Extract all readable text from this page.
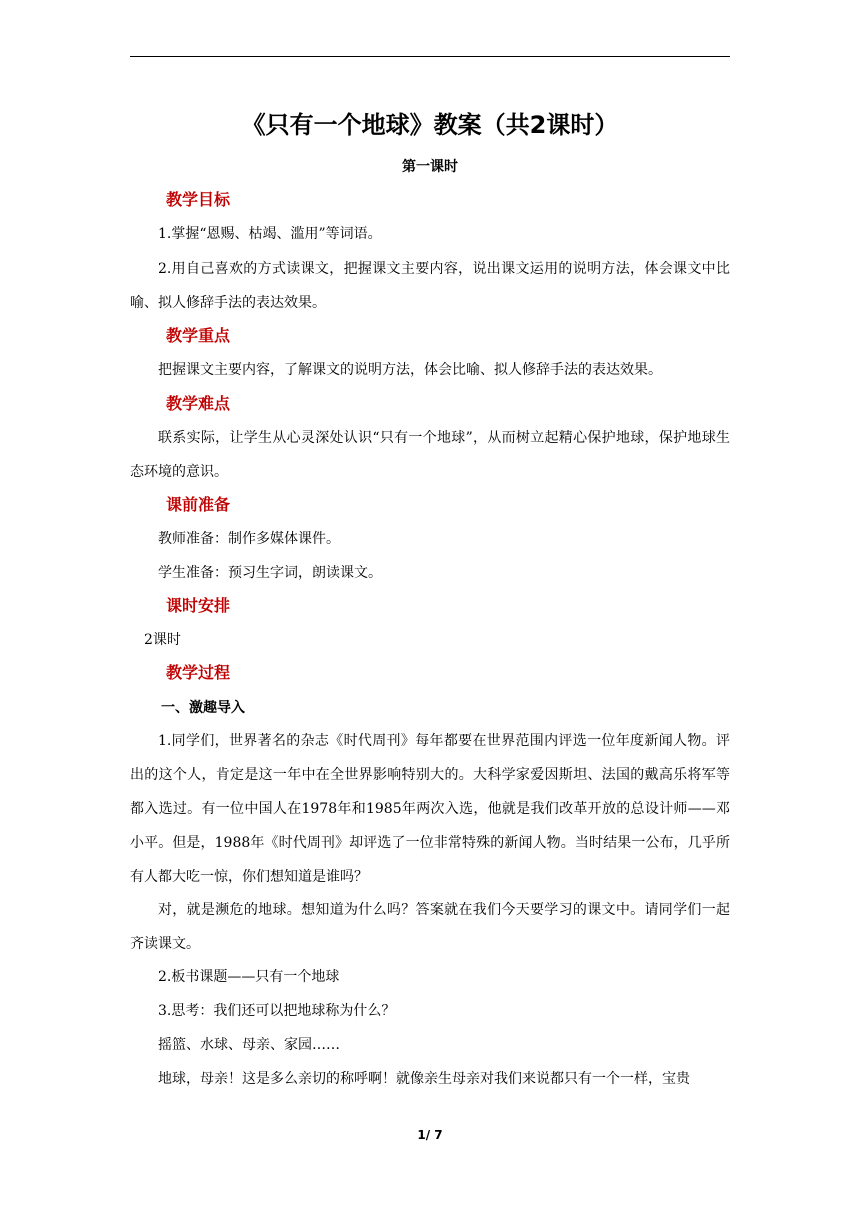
《只有一个地球》教案（共2课时）
第一课时
教学目标

1.掌握“恩赐、枯竭、滥用”等词语。

2.用自己喜欢的方式读课文，把握课文主要内容，说出课文运用的说明方法，体会课文中比喻、拟人修辞手法的表达效果。

教学重点

把握课文主要内容，了解课文的说明方法，体会比喻、拟人修辞手法的表达效果。

教学难点

联系实际，让学生从心灵深处认识“只有一个地球”，从而树立起精心保护地球，保护地球生态环境的意识。

课前准备

教师准备：制作多媒体课件。

学生准备：预习生字词，朗读课文。

课时安排

2课时

教学过程
一、激趣导入

1.同学们，世界著名的杂志《时代周刊》每年都要在世界范围内评选一位年度新闻人物。评出的这个人，肯定是这一年中在全世界影响特别大的。大科学家爱因斯坦、法国的戴高乐将军等都入选过。有一位中国人在1978年和1985年两次入选，他就是我们改革开放的总设计师——邓小平。但是，1988年《时代周刊》却评选了一位非常特殊的新闻人物。当时结果一公布，几乎所有人都大吃一惊，你们想知道是谁吗？

对，就是濒危的地球。想知道为什么吗？答案就在我们今天要学习的课文中。请同学们一起齐读课文。

2.板书课题——只有一个地球

3.思考：我们还可以把地球称为什么？

摇篮、水球、母亲、家园……

地球，母亲！这是多么亲切的称呼啊！就像亲生母亲对我们来说都只有一个一样，宝贵

1/ 7
